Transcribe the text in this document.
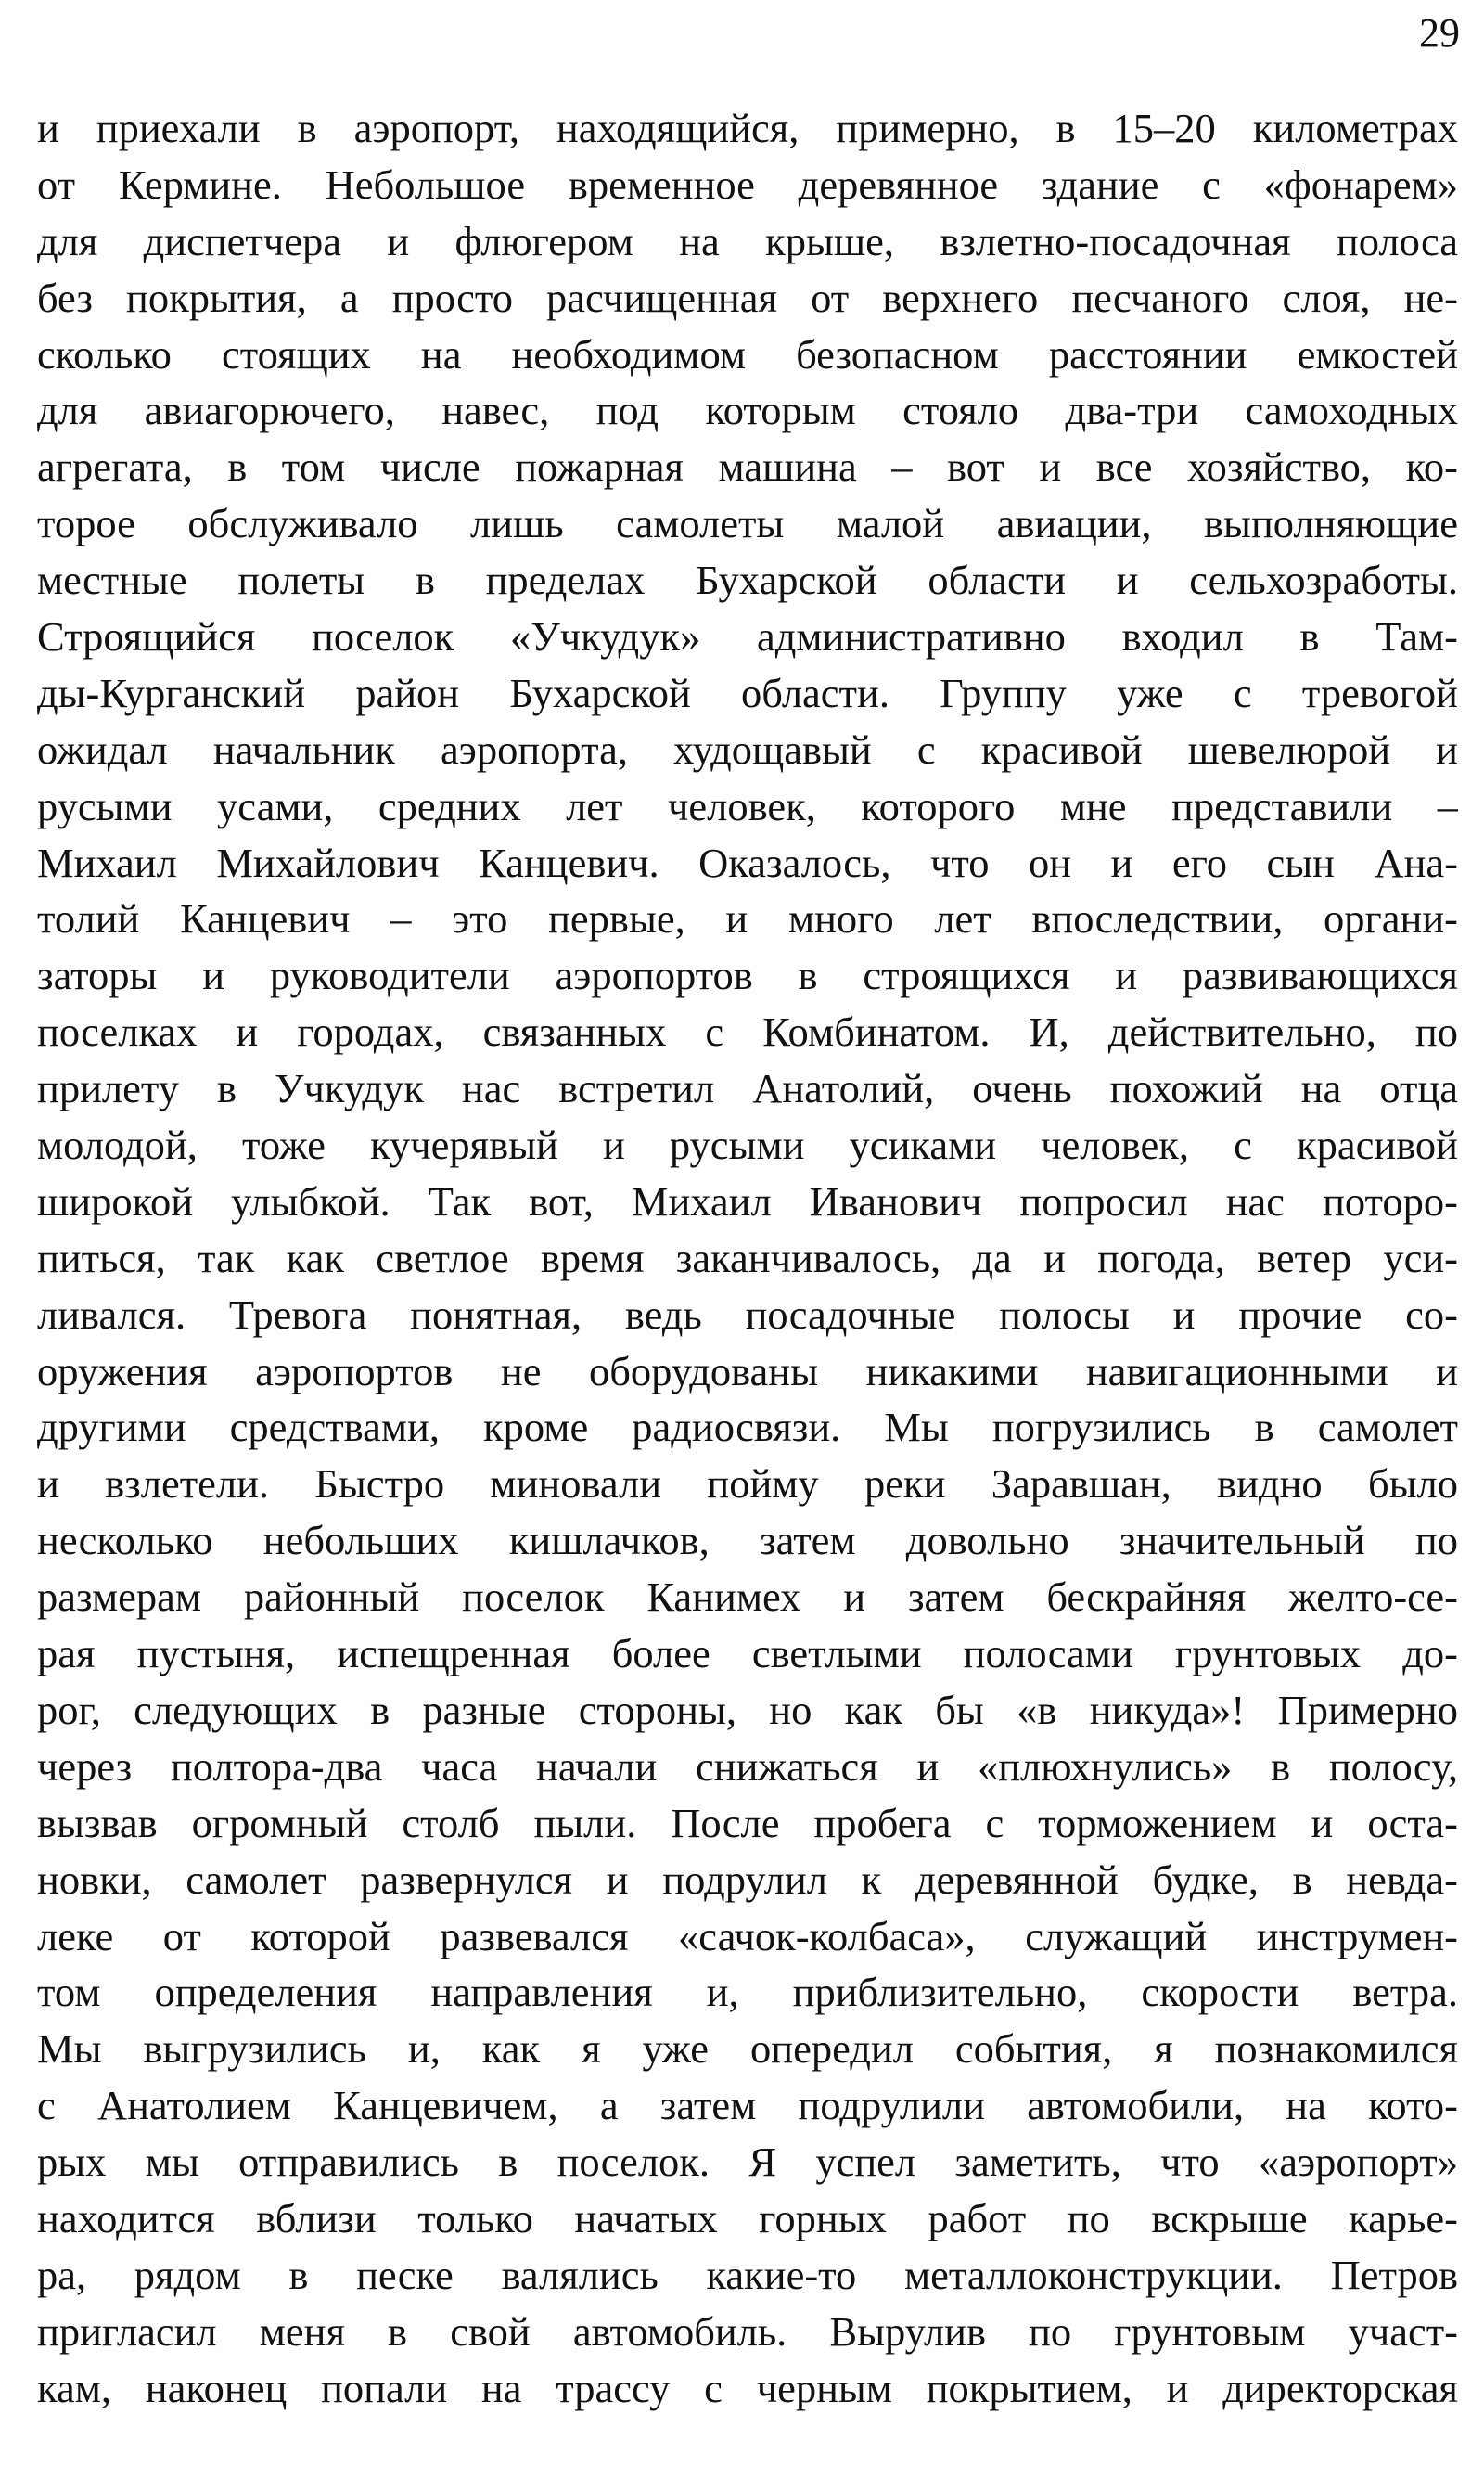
29
и приехали в аэропорт, находящийся, примерно, в 15–20 километрах
от Кермине. Небольшое временное деревянное здание с «фонарем»
для диспетчера и флюгером на крыше, взлетно-посадочная полоса
без покрытия, а просто расчищенная от верхнего песчаного слоя, не-
сколько стоящих на необходимом безопасном расстоянии емкостей
для авиагорючего, навес, под которым стояло два-три самоходных
агрегата, в том числе пожарная машина – вот и все хозяйство, ко-
торое обслуживало лишь самолеты малой авиации, выполняющие
местные полеты в пределах Бухарской области и сельхозработы.
Строящийся поселок «Учкудук» административно входил в Там-
ды-Курганский район Бухарской области. Группу уже с тревогой
ожидал начальник аэропорта, худощавый с красивой шевелюрой и
русыми усами, средних лет человек, которого мне представили –
Михаил Михайлович Канцевич. Оказалось, что он и его сын Ана-
толий Канцевич – это первые, и много лет впоследствии, органи-
заторы и руководители аэропортов в строящихся и развивающихся
поселках и городах, связанных с Комбинатом. И, действительно, по
прилету в Учкудук нас встретил Анатолий, очень похожий на отца
молодой, тоже кучерявый и русыми усиками человек, с красивой
широкой улыбкой. Так вот, Михаил Иванович попросил нас поторо-
питься, так как светлое время заканчивалось, да и погода, ветер уси-
ливался. Тревога понятная, ведь посадочные полосы и прочие со-
оружения аэропортов не оборудованы никакими навигационными и
другими средствами, кроме радиосвязи. Мы погрузились в самолет
и взлетели. Быстро миновали пойму реки Заравшан, видно было
несколько небольших кишлачков, затем довольно значительный по
размерам районный поселок Канимех и затем бескрайняя желто-се-
рая пустыня, испещренная более светлыми полосами грунтовых до-
рог, следующих в разные стороны, но как бы «в никуда»! Примерно
через полтора-два часа начали снижаться и «плюхнулись» в полосу,
вызвав огромный столб пыли. После пробега с торможением и оста-
новки, самолет развернулся и подрулил к деревянной будке, в невда-
леке от которой развевался «сачок-колбаса», служащий инструмен-
том определения направления и, приблизительно, скорости ветра.
Мы выгрузились и, как я уже опередил события, я познакомился
с Анатолием Канцевичем, а затем подрулили автомобили, на кото-
рых мы отправились в поселок. Я успел заметить, что «аэропорт»
находится вблизи только начатых горных работ по вскрыше карье-
ра, рядом в песке валялись какие-то металлоконструкции. Петров
пригласил меня в свой автомобиль. Вырулив по грунтовым участ-
кам, наконец попали на трассу с черным покрытием, и директорская
